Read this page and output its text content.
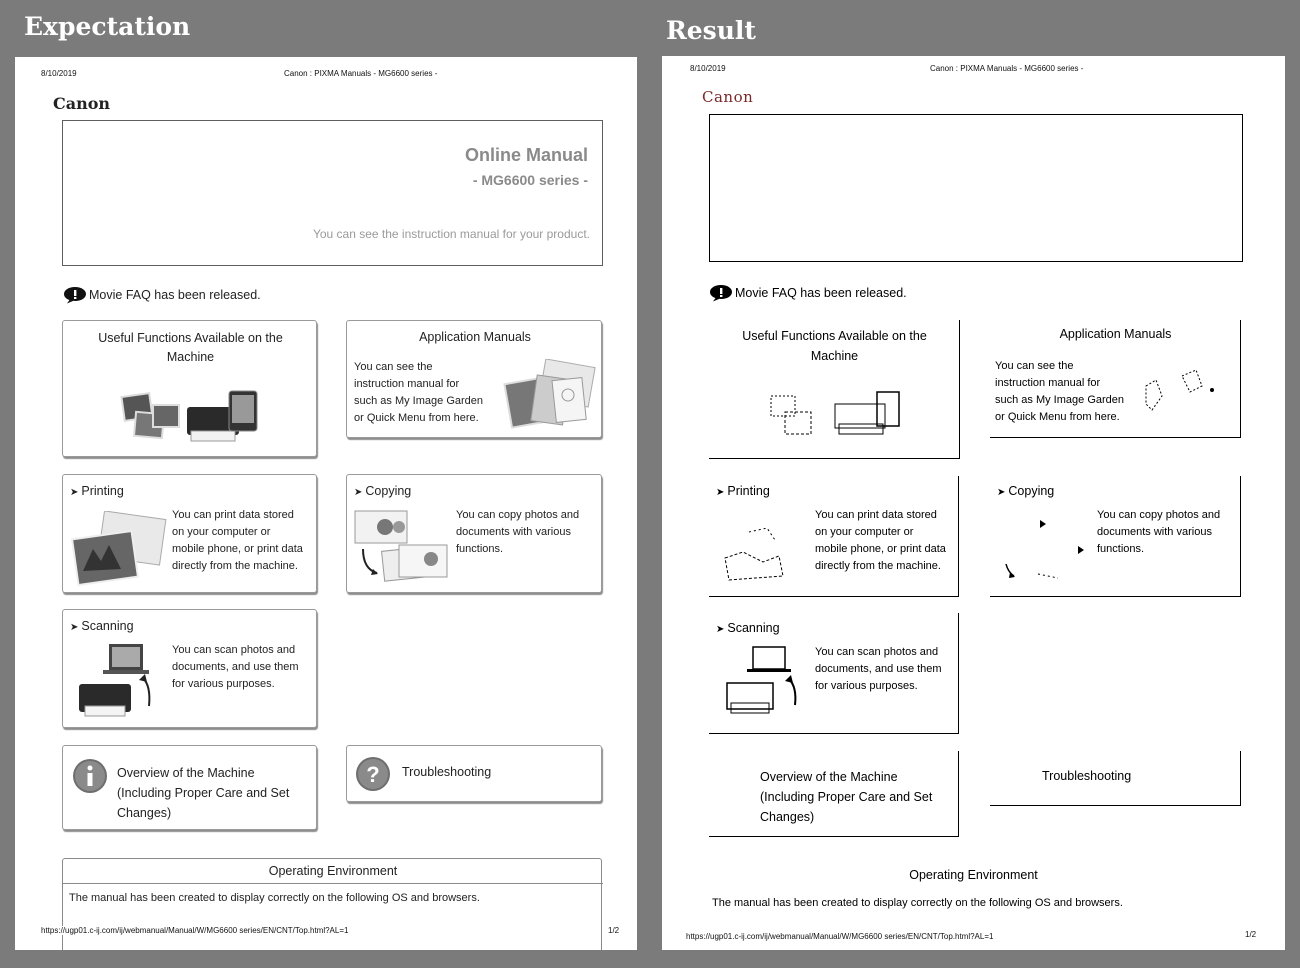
Expectation	Result
8/10/2019	Canon : PIXMA Manuals - MG6600 series -
Canon
Online Manual
- MG6600 series -
You can see the instruction manual for your product.
Movie FAQ has been released.
Useful Functions Available on the Machine
Application Manuals
You can see the
instruction manual for
such as My Image Garden
or Quick Menu from here.
➤ Printing
You can print data stored
on your computer or
mobile phone, or print data
directly from the machine.
➤ Copying
You can copy photos and
documents with various
functions.
➤ Scanning
You can scan photos and
documents, and use them
for various purposes.
Overview of the Machine
(Including Proper Care and Set
Changes)
? Troubleshooting
Operating Environment
The manual has been created to display correctly on the following OS and browsers.
https://ugp01.c-ij.com/ij/webmanual/Manual/W/MG6600 series/EN/CNT/Top.html?AL=1	1/2
8/10/2019	Canon : PIXMA Manuals - MG6600 series -
Canon
Movie FAQ has been released.
Useful Functions Available on the Machine
Application Manuals
You can see the
instruction manual for
such as My Image Garden
or Quick Menu from here.
➤ Printing
You can print data stored
on your computer or
mobile phone, or print data
directly from the machine.
➤ Copying
You can copy photos and
documents with various
functions.
➤ Scanning
You can scan photos and
documents, and use them
for various purposes.
Overview of the Machine
(Including Proper Care and Set
Changes)
Troubleshooting
Operating Environment
The manual has been created to display correctly on the following OS and browsers.
https://ugp01.c-ij.com/ij/webmanual/Manual/W/MG6600 series/EN/CNT/Top.html?AL=1	1/2
